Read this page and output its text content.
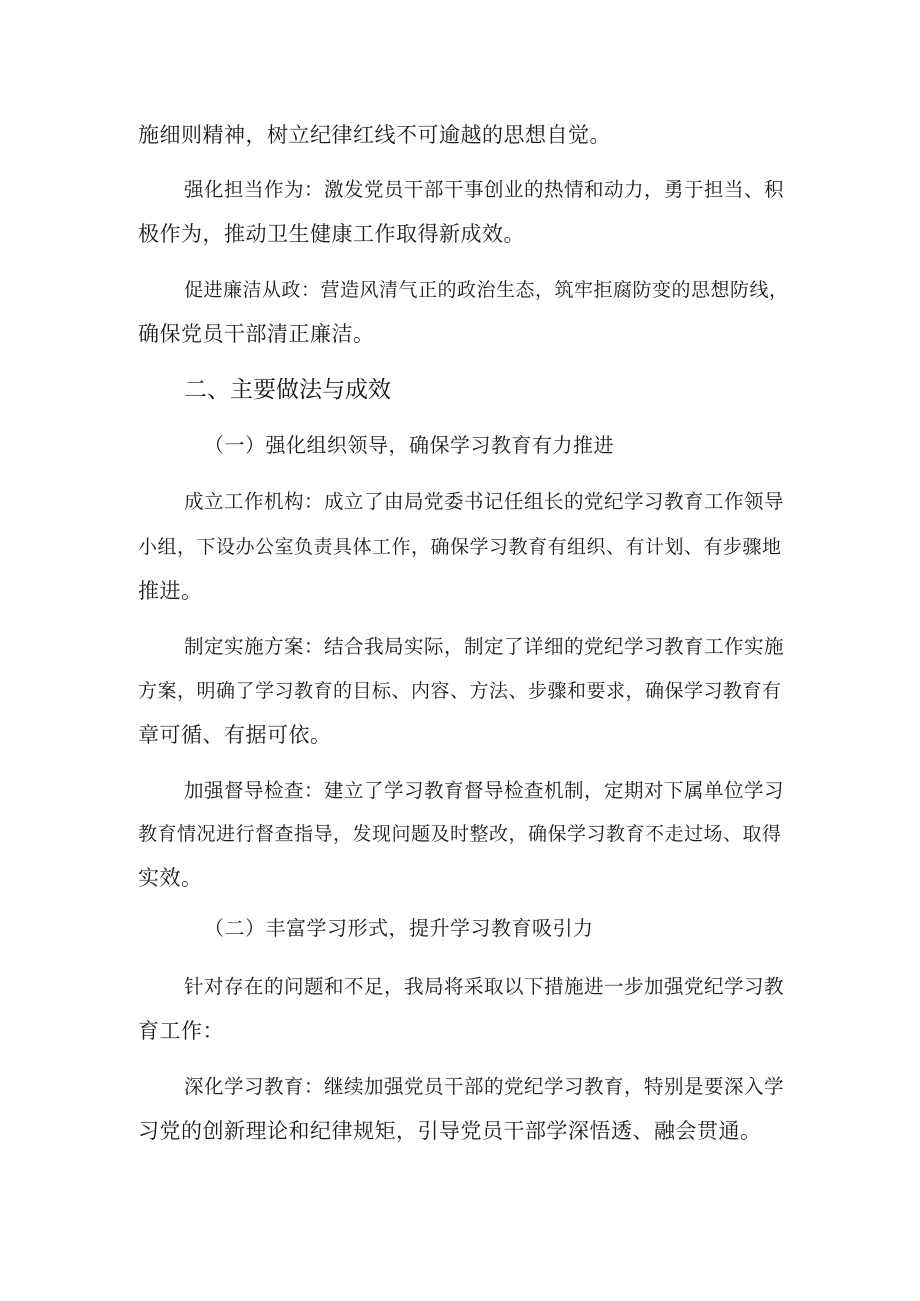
施细则精神，树立纪律红线不可逾越的思想自觉。

强化担当作为：激发党员干部干事创业的热情和动力，勇于担当、积

极作为，推动卫生健康工作取得新成效。

促进廉洁从政：营造风清气正的政治生态，筑牢拒腐防变的思想防线，

确保党员干部清正廉洁。

二、主要做法与成效

（一）强化组织领导，确保学习教育有力推进

成立工作机构：成立了由局党委书记任组长的党纪学习教育工作领导

小组，下设办公室负责具体工作，确保学习教育有组织、有计划、有步骤地

推进。

制定实施方案：结合我局实际，制定了详细的党纪学习教育工作实施

方案，明确了学习教育的目标、内容、方法、步骤和要求，确保学习教育有

章可循、有据可依。

加强督导检查：建立了学习教育督导检查机制，定期对下属单位学习

教育情况进行督查指导，发现问题及时整改，确保学习教育不走过场、取得

实效。

（二）丰富学习形式，提升学习教育吸引力

针对存在的问题和不足，我局将采取以下措施进一步加强党纪学习教

育工作：

深化学习教育：继续加强党员干部的党纪学习教育，特别是要深入学

习党的创新理论和纪律规矩，引导党员干部学深悟透、融会贯通。
